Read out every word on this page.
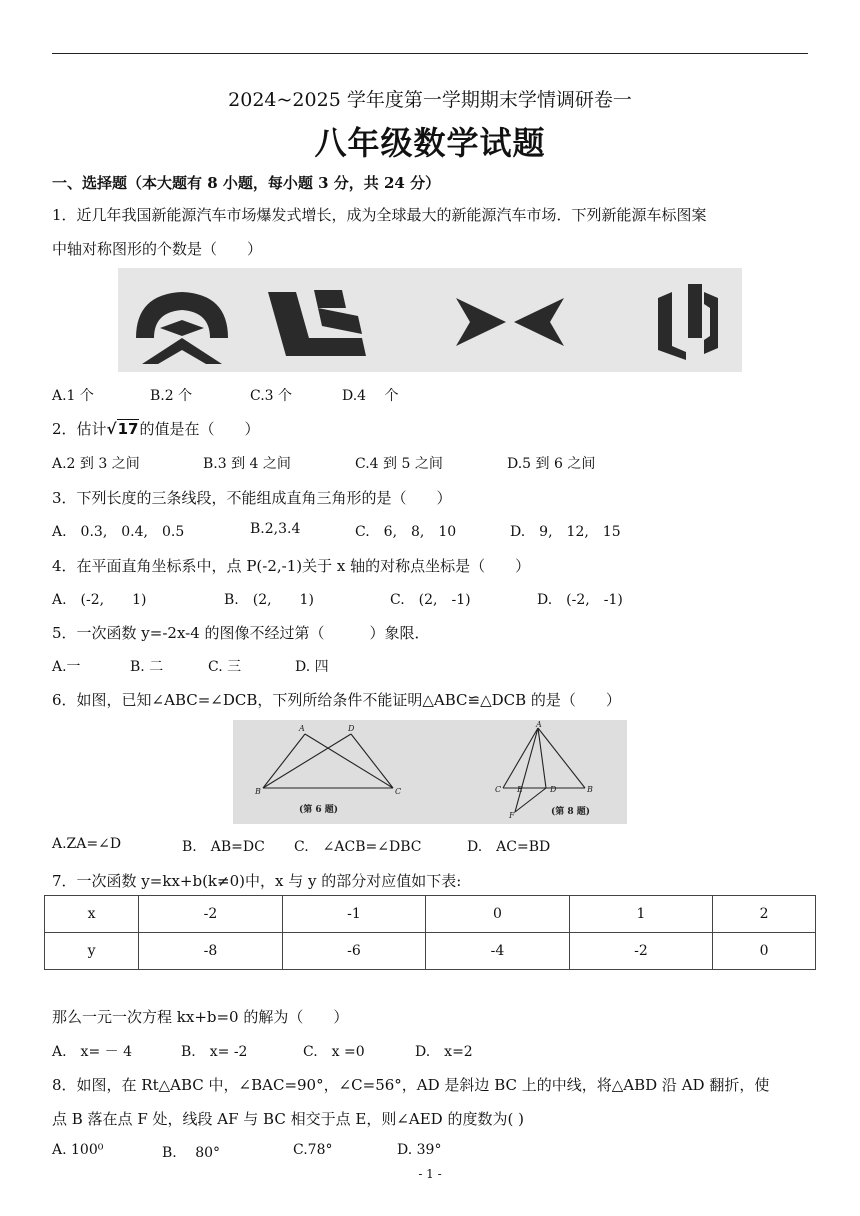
2024~2025 学年度第一学期期末学情调研卷一
八年级数学试题
一、选择题（本大题有 8 小题，每小题 3 分，共 24 分）
1．近几年我国新能源汽车市场爆发式增长，成为全球最大的新能源汽车市场．下列新能源车标图案
中轴对称图形的个数是（　　）
A.1 个	B.2 个	C.3 个	D.4　 个
2．估计√17的值是在（　　）
A.2 到 3 之间	B.3 到 4 之间	C.4 到 5 之间	D.5 到 6 之间
3．下列长度的三条线段，不能组成直角三角形的是（　　）
A.　0.3,　0.4,　0.5	B.2,3.4	C.　6,　8,　10	D.　9,　12,　15
4．在平面直角坐标系中，点 P(-2,-1)关于 x 轴的对称点坐标是（　　）
A.　(-2,　　1)	B.　(2,　　1)	C.　(2,　-1)	D.　(-2,　-1)
5．一次函数 y=-2x-4 的图像不经过第（　　　）象限．
A.一	B. 二	C. 三	D. 四
6．如图，已知∠ABC=∠DCB，下列所给条件不能证明△ABC≌△DCB 的是（　　）
A	D
B	C
(第 6 题)
A
C E	D	B
F	(第 8 题)
A.ZA=∠D	B.　AB=DC C.　∠ACB=∠DBC	D.　AC=BD
7．一次函数 y=kx+b(k≠0)中，x 与 y 的部分对应值如下表:
x	-2	-1	0	1	2
y	-8	-6	-4	-2	0
那么一元一次方程 kx+b=0 的解为（　　）
A.　x= － 4	B.　x= -2	C.　x =0	D.　x=2
8．如图，在 Rt△ABC 中，∠BAC=90°，∠C=56°，AD 是斜边 BC 上的中线，将△ABD 沿 AD 翻折，使
点 B 落在点 F 处，线段 AF 与 BC 相交于点 E，则∠AED 的度数为( )
A. 100⁰	B.　 80°	C.78°	D. 39°
- 1 -
